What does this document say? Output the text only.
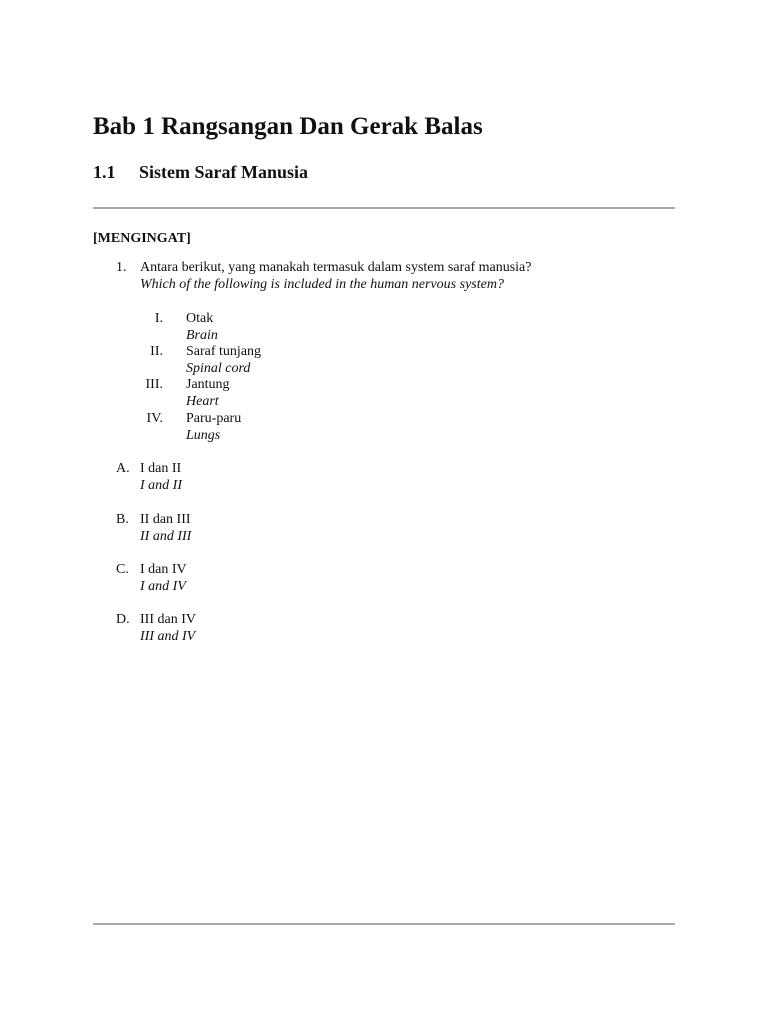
Bab 1 Rangsangan Dan Gerak Balas
1.1 Sistem Saraf Manusia
[MENGINGAT]
1. Antara berikut, yang manakah termasuk dalam system saraf manusia?
Which of the following is included in the human nervous system?
I. Otak
Brain
II. Saraf tunjang
Spinal cord
III. Jantung
Heart
IV. Paru-paru
Lungs
A. I dan II
I and II
B. II dan III
II and III
C. I dan IV
I and IV
D. III dan IV
III and IV
